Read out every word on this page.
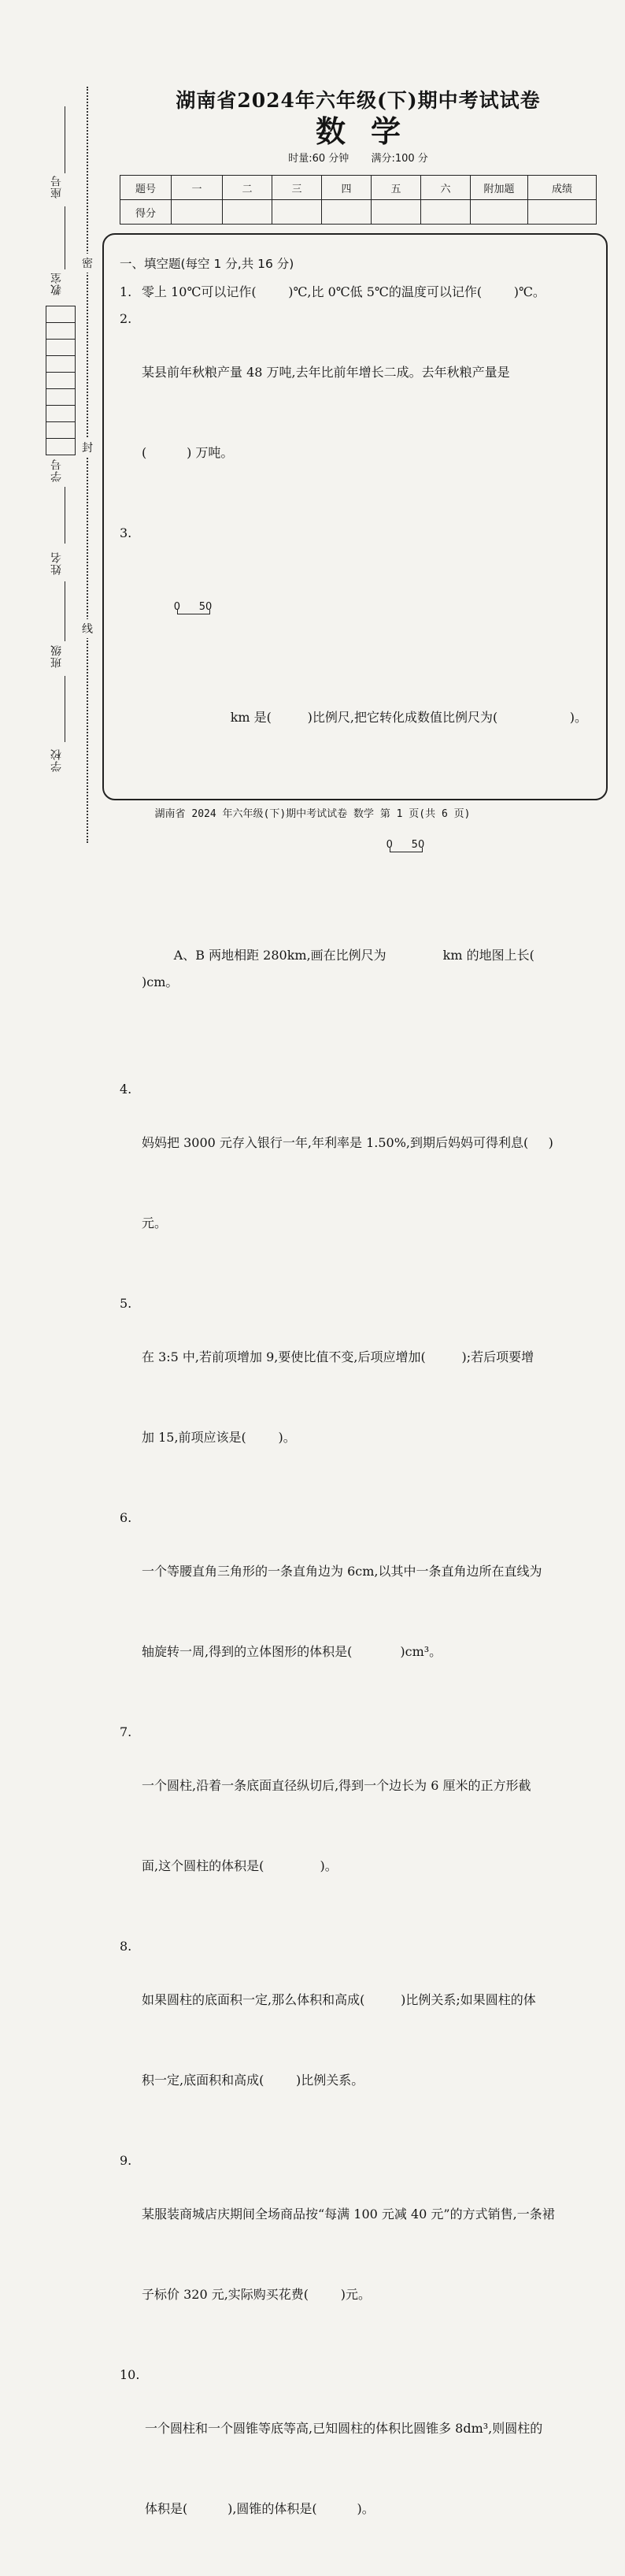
座号
教室
学号
姓名
班级
学校
密
封
线

湖南省2024年六年级(下)期中考试试卷

数学

时量:60 分钟 满分:100 分
题号	一	二	三	四	五	六	附加题	成绩
得分								
一、填空题(每空 1 分,共 16 分)
1. 零上 10℃可以记作(        )℃,比 0℃低 5℃的温度可以记作(        )℃。
2.

某县前年秋粮产量 48 万吨,去年比前年增长二成。去年秋粮产量是

(          ) 万吨。

3.

0

50

km 是(         )比例尺,把它转化成数值比例尺为(                  )。

A、B 两地相距 280km,画在比例尺为

0

50

km 的地图上长(         )cm。

4.

妈妈把 3000 元存入银行一年,年利率是 1.50%,到期后妈妈可得利息(     )

元。

5.

在 3:5 中,若前项增加 9,要使比值不变,后项应增加(         );若后项要增

加 15,前项应该是(        )。

6.

一个等腰直角三角形的一条直角边为 6cm,以其中一条直角边所在直线为

轴旋转一周,得到的立体图形的体积是(            )cm³。

7.

一个圆柱,沿着一条底面直径纵切后,得到一个边长为 6 厘米的正方形截

面,这个圆柱的体积是(              )。

8.

如果圆柱的底面积一定,那么体积和高成(         )比例关系;如果圆柱的体

积一定,底面积和高成(        )比例关系。

9.

某服装商城店庆期间全场商品按“每满 100 元减 40 元”的方式销售,一条裙

子标价 320 元,实际购买花费(        )元。

10.

一个圆柱和一个圆锥等底等高,已知圆柱的体积比圆锥多 8dm³,则圆柱的

体积是(          ),圆锥的体积是(          )。

湖南省 2024 年六年级(下)期中考试试卷 数学 第 1 页(共 6 页)
